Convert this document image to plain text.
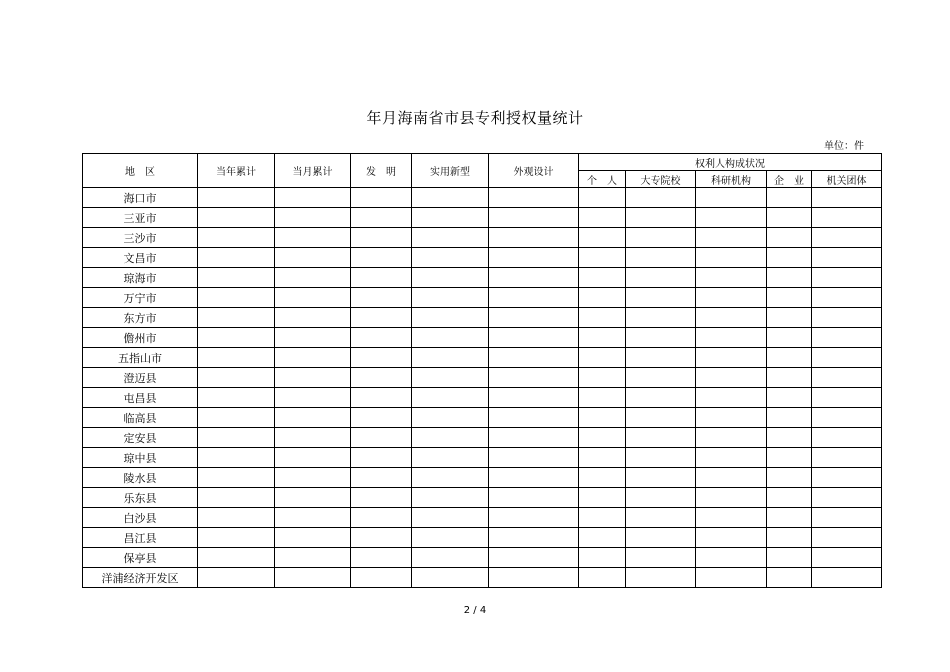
年月海南省市县专利授权量统计
单位：件
地　区	当年累计	当月累计	发　明	实用新型	外观设计	权利人构成状况				
						个　人	大专院校	科研机构	企　业	机关团体
海口市										
三亚市										
三沙市										
文昌市										
琼海市										
万宁市										
东方市										
儋州市										
五指山市										
澄迈县										
屯昌县										
临高县										
定安县										
琼中县										
陵水县										
乐东县										
白沙县										
昌江县										
保亭县										
洋浦经济开发区										
2 / 4
